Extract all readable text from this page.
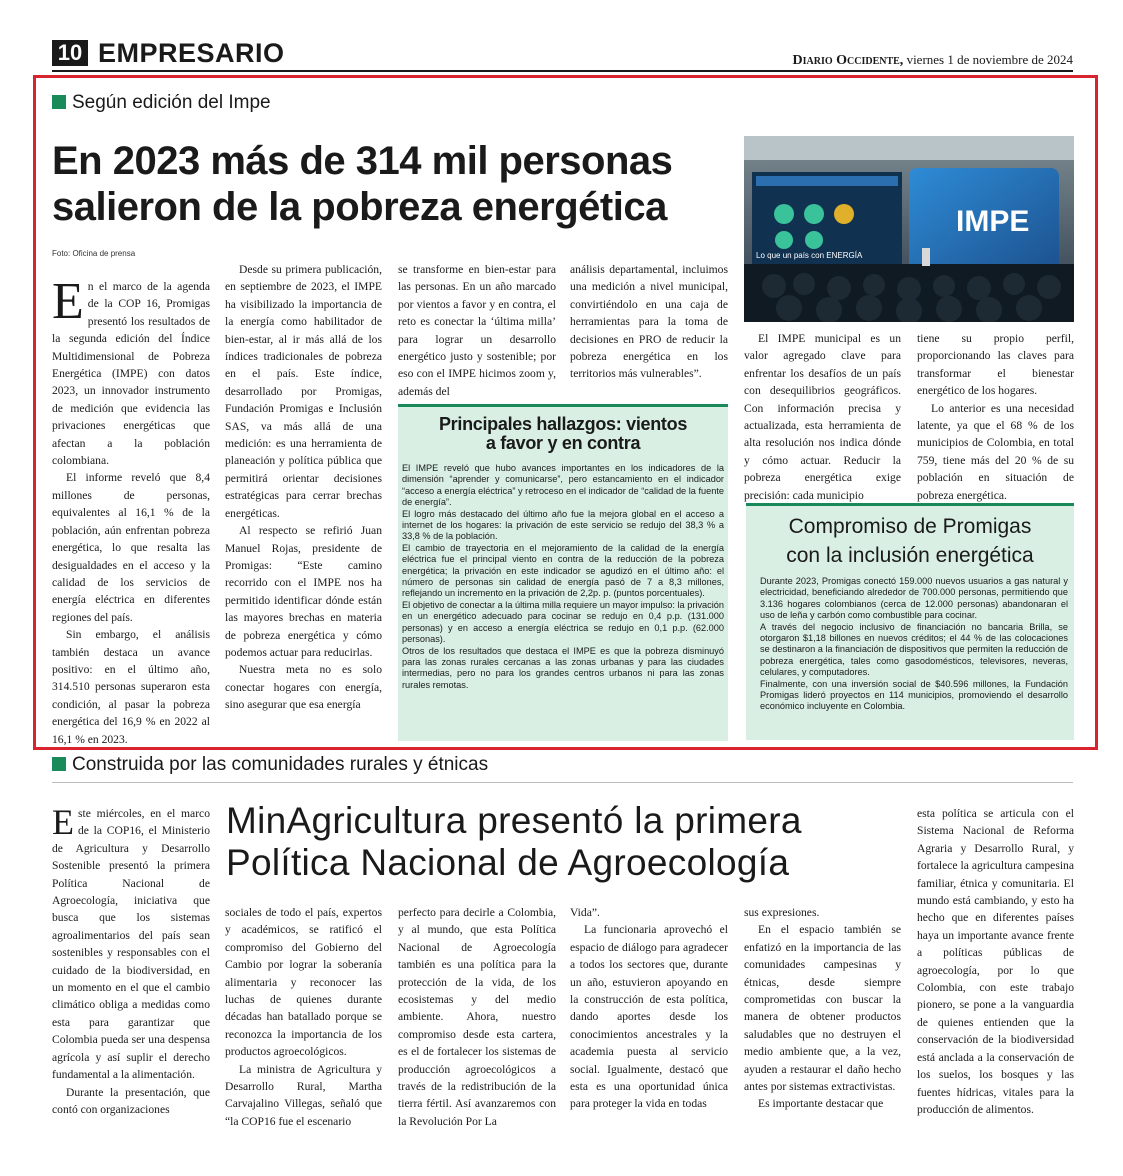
10 EMPRESARIO	Diario Occidente, viernes 1 de noviembre de 2024
Según edición del Impe
En 2023 más de 314 mil personas
salieron de la pobreza energética
Foto: Oficina de prensa

En el marco de la agenda de la COP 16, Promigas presentó los resultados de la segunda edición del Índice Multidimensional de Pobreza Energética (IMPE) con datos 2023, un innovador instrumento de medición que evidencia las privaciones energéticas que afectan a la población colombiana.

El informe reveló que 8,4 millones de personas, equivalentes al 16,1 % de la población, aún enfrentan pobreza energética, lo que resalta las desigualdades en el acceso y la calidad de los servicios de energía eléctrica en diferentes regiones del país.

Sin embargo, el análisis también destaca un avance positivo: en el último año, 314.510 personas superaron esta condición, al pasar la pobreza energética del 16,9 % en 2022 al 16,1 % en 2023.

Desde su primera publicación, en septiembre de 2023, el IMPE ha visibilizado la importancia de la energía como habilitador de bien-estar, al ir más allá de los índices tradicionales de pobreza en el país. Este índice, desarrollado por Promigas, Fundación Promigas e Inclusión SAS, va más allá de una medición: es una herramienta de planeación y política pública que permitirá orientar decisiones estratégicas para cerrar brechas energéticas.

Al respecto se refirió Juan Manuel Rojas, presidente de Promigas: “Este camino recorrido con el IMPE nos ha permitido identificar dónde están las mayores brechas en materia de pobreza energética y cómo podemos actuar para reducirlas.

Nuestra meta no es solo conectar hogares con energía, sino asegurar que esa energía

se transforme en bien-estar para las personas. En un año marcado por vientos a favor y en contra, el reto es conectar la ‘última milla’ para lograr un desarrollo energético justo y sostenible; por eso con el IMPE hicimos zoom y, además del

análisis departamental, incluimos una medición a nivel municipal, convirtiéndolo en una caja de herramientas para la toma de decisiones en PRO de reducir la pobreza energética en los territorios más vulnerables”.

IMPE
Lo que un país con ENERGÍA

El IMPE municipal es un valor agregado clave para enfrentar los desafíos de un país con desequilibrios geográficos. Con información precisa y actualizada, esta herramienta de alta resolución nos indica dónde y cómo actuar. Reducir la pobreza energética exige precisión: cada municipio

tiene su propio perfil, proporcionando las claves para transformar el bienestar energético de los hogares.

Lo anterior es una necesidad latente, ya que el 68 % de los municipios de Colombia, en total 759, tiene más del 20 % de su población en situación de pobreza energética.

Principales hallazgos: vientos
a favor y en contra

El IMPE reveló que hubo avances importantes en los indicadores de la dimensión “aprender y comunicarse”, pero estancamiento en el indicador “acceso a energía eléctrica” y retroceso en el indicador de “calidad de la fuente de energía”.

El logro más destacado del último año fue la mejora global en el acceso a internet de los hogares: la privación de este servicio se redujo del 38,3 % a 33,8 % de la población.

El cambio de trayectoria en el mejoramiento de la calidad de la energía eléctrica fue el principal viento en contra de la reducción de la pobreza energética; la privación en este indicador se agudizó en el último año: el número de personas sin calidad de energía pasó de 7 a 8,3 millones, reflejando un incremento en la privación de 2,2p. p. (puntos porcentuales).

El objetivo de conectar a la última milla requiere un mayor impulso: la privación en un energético adecuado para cocinar se redujo en 0,4 p.p. (131.000 personas) y en acceso a energía eléctrica se redujo en 0,1 p.p. (62.000 personas).

Otros de los resultados que destaca el IMPE es que la pobreza disminuyó para las zonas rurales cercanas a las zonas urbanas y para las ciudades intermedias, pero no para los grandes centros urbanos ni para las zonas rurales remotas.

Compromiso de Promigas
con la inclusión energética

Durante 2023, Promigas conectó 159.000 nuevos usuarios a gas natural y electricidad, beneficiando alrededor de 700.000 personas, permitiendo que 3.136 hogares colombianos (cerca de 12.000 personas) abandonaran el uso de leña y carbón como combustible para cocinar.

A través del negocio inclusivo de financiación no bancaria Brilla, se otorgaron $1,18 billones en nuevos créditos; el 44 % de las colocaciones se destinaron a la financiación de dispositivos que permiten la reducción de pobreza energética, tales como gasodomésticos, televisores, neveras, celulares, y computadores.

Finalmente, con una inversión social de $40.596 millones, la Fundación Promigas lideró proyectos en 114 municipios, promoviendo el desarrollo económico incluyente en Colombia.

Construida por las comunidades rurales y étnicas

Este miércoles, en el marco de la COP16, el Ministerio de Agricultura y Desarrollo Sostenible presentó la primera Política Nacional de Agroecología, iniciativa que busca que los sistemas agroalimentarios del país sean sostenibles y responsables con el cuidado de la biodiversidad, en un momento en el que el cambio climático obliga a medidas como esta para garantizar que Colombia pueda ser una despensa agrícola y así suplir el derecho fundamental a la alimentación.

Durante la presentación, que contó con organizaciones

MinAgricultura presentó la primera
Política Nacional de Agroecología

sociales de todo el país, expertos y académicos, se ratificó el compromiso del Gobierno del Cambio por lograr la soberanía alimentaria y reconocer las luchas de quienes durante décadas han batallado porque se reconozca la importancia de los productos agroecológicos.

La ministra de Agricultura y Desarrollo Rural, Martha Carvajalino Villegas, señaló que “la COP16 fue el escenario

perfecto para decirle a Colombia, y al mundo, que esta Política Nacional de Agroecología también es una política para la protección de la vida, de los ecosistemas y del medio ambiente. Ahora, nuestro compromiso desde esta cartera, es el de fortalecer los sistemas de producción agroecológicos a través de la redistribución de la tierra fértil. Así avanzaremos con la Revolución Por La

Vida”.

La funcionaria aprovechó el espacio de diálogo para agradecer a todos los sectores que, durante un año, estuvieron apoyando en la construcción de esta política, dando aportes desde los conocimientos ancestrales y la academia puesta al servicio social. Igualmente, destacó que esta es una oportunidad única para proteger la vida en todas

sus expresiones.

En el espacio también se enfatizó en la importancia de las comunidades campesinas y étnicas, desde siempre comprometidas con buscar la manera de obtener productos saludables que no destruyen el medio ambiente que, a la vez, ayuden a restaurar el daño hecho antes por sistemas extractivistas.

Es importante destacar que

esta política se articula con el Sistema Nacional de Reforma Agraria y Desarrollo Rural, y fortalece la agricultura campesina familiar, étnica y comunitaria. El mundo está cambiando, y esto ha hecho que en diferentes países haya un importante avance frente a políticas públicas de agroecología, por lo que Colombia, con este trabajo pionero, se pone a la vanguardia de quienes entienden que la conservación de la biodiversidad está anclada a la conservación de los suelos, los bosques y las fuentes hídricas, vitales para la producción de alimentos.
